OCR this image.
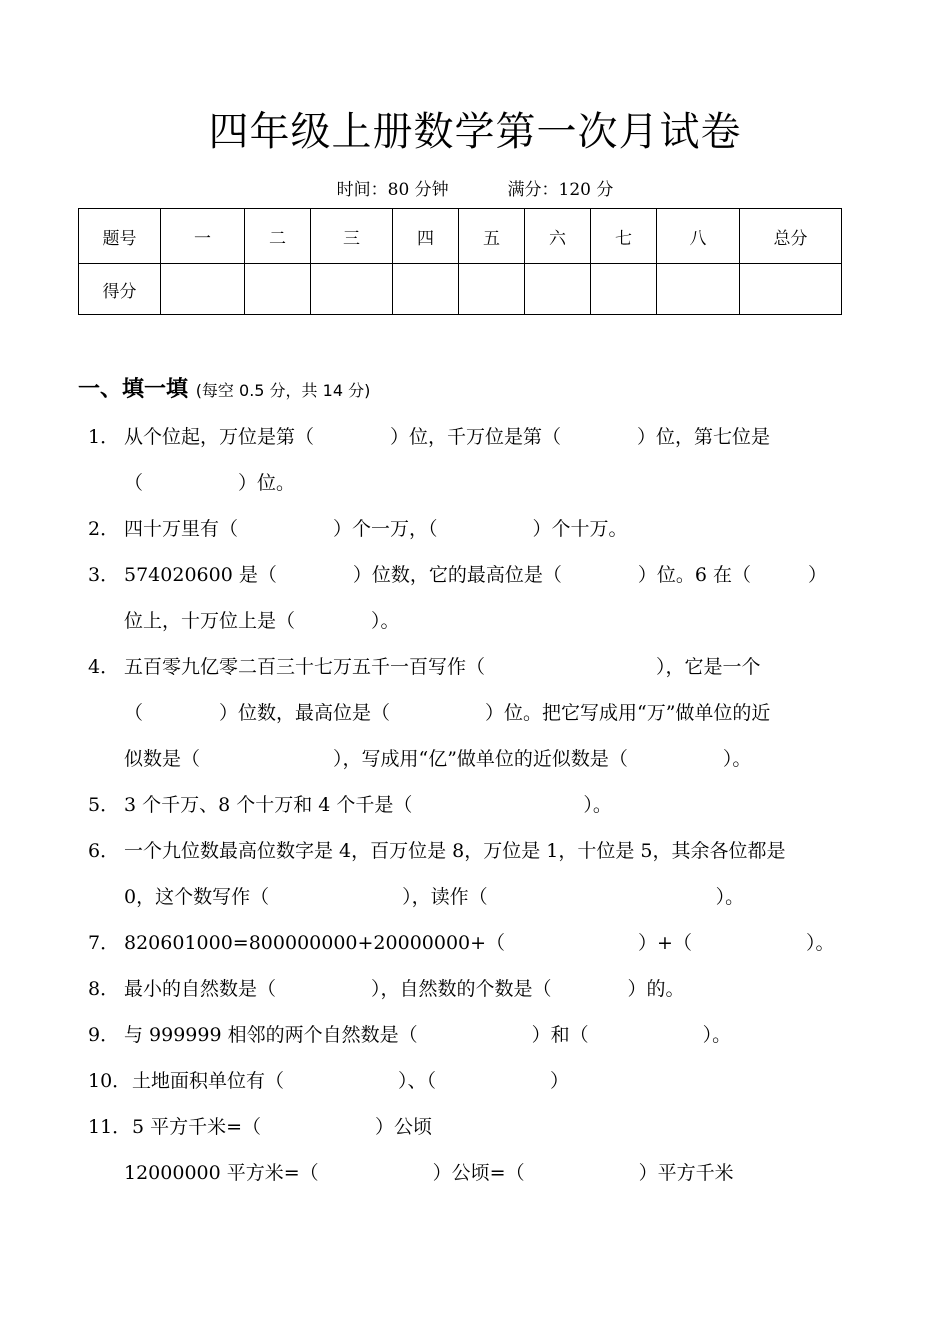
四年级上册数学第一次月试卷
时间：80 分钟	满分：120 分
题号	一	二	三	四	五	六	七	八	总分
得分									
一、填一填 (每空 0.5 分，共 14 分)
1． 从个位起，万位是第（　　　　）位，千万位是第（　　　　）位，第七位是
（　　　　　）位。
2． 四十万里有（　　　　　）个一万，（　　　　　）个十万。
3． 574020600 是（　　　　）位数，它的最高位是（　　　　）位。6 在（　　　）
位上，十万位上是（　　　　）。
4． 五百零九亿零二百三十七万五千一百写作（　　　　　　　　　），它是一个
（　　　　）位数，最高位是（　　　　　）位。把它写成用“万”做单位的近
似数是（　　　　　　　），写成用“亿”做单位的近似数是（　　　　　）。
5． 3 个千万、8 个十万和 4 个千是（　　　　　　　　　）。
6． 一个九位数最高位数字是 4，百万位是 8，万位是 1，十位是 5，其余各位都是
0，这个数写作（　　　　　　　），读作（　　　　　　　　　　　　）。
7． 820601000=800000000+20000000+（　　　　　　　）+（　　　　　　）。
8． 最小的自然数是（　　　　　），自然数的个数是（　　　　）的。
9． 与 999999 相邻的两个自然数是（　　　　　　）和（　　　　　　）。
10．土地面积单位有（　　　　　　）、（　　　　　　）
11．5 平方千米=（　　　　　　）公顷
12000000 平方米=（　　　　　　）公顷=（　　　　　　）平方千米
